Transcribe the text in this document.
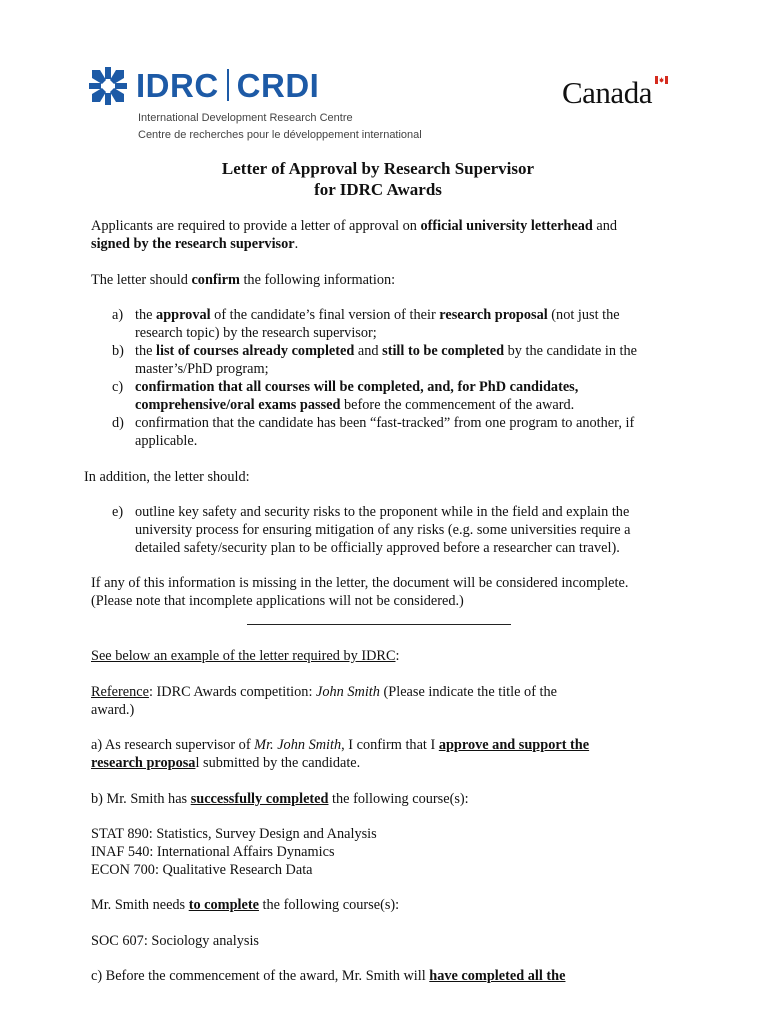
IDRC CRDI
International Development Research Centre
Centre de recherches pour le développement international
Canada
Letter of Approval by Research Supervisor
for IDRC Awards
Applicants are required to provide a letter of approval on official university letterhead and
signed by the research supervisor.
The letter should confirm the following information:
a) the approval of the candidate’s final version of their research proposal (not just the
research topic) by the research supervisor;
b) the list of courses already completed and still to be completed by the candidate in the
master’s/PhD program;
c) confirmation that all courses will be completed, and, for PhD candidates,
comprehensive/oral exams passed before the commencement of the award.
d) confirmation that the candidate has been “fast-tracked” from one program to another, if
applicable.
In addition, the letter should:
e) outline key safety and security risks to the proponent while in the field and explain the
university process for ensuring mitigation of any risks (e.g. some universities require a
detailed safety/security plan to be officially approved before a researcher can travel).
If any of this information is missing in the letter, the document will be considered incomplete.
(Please note that incomplete applications will not be considered.)
See below an example of the letter required by IDRC:
Reference: IDRC Awards competition: John Smith (Please indicate the title of the
award.)
a) As research supervisor of Mr. John Smith, I confirm that I approve and support the
research proposal submitted by the candidate.
b) Mr. Smith has successfully completed the following course(s):
STAT 890: Statistics, Survey Design and Analysis
INAF 540: International Affairs Dynamics
ECON 700: Qualitative Research Data
Mr. Smith needs to complete the following course(s):
SOC 607: Sociology analysis
c) Before the commencement of the award, Mr. Smith will have completed all the
